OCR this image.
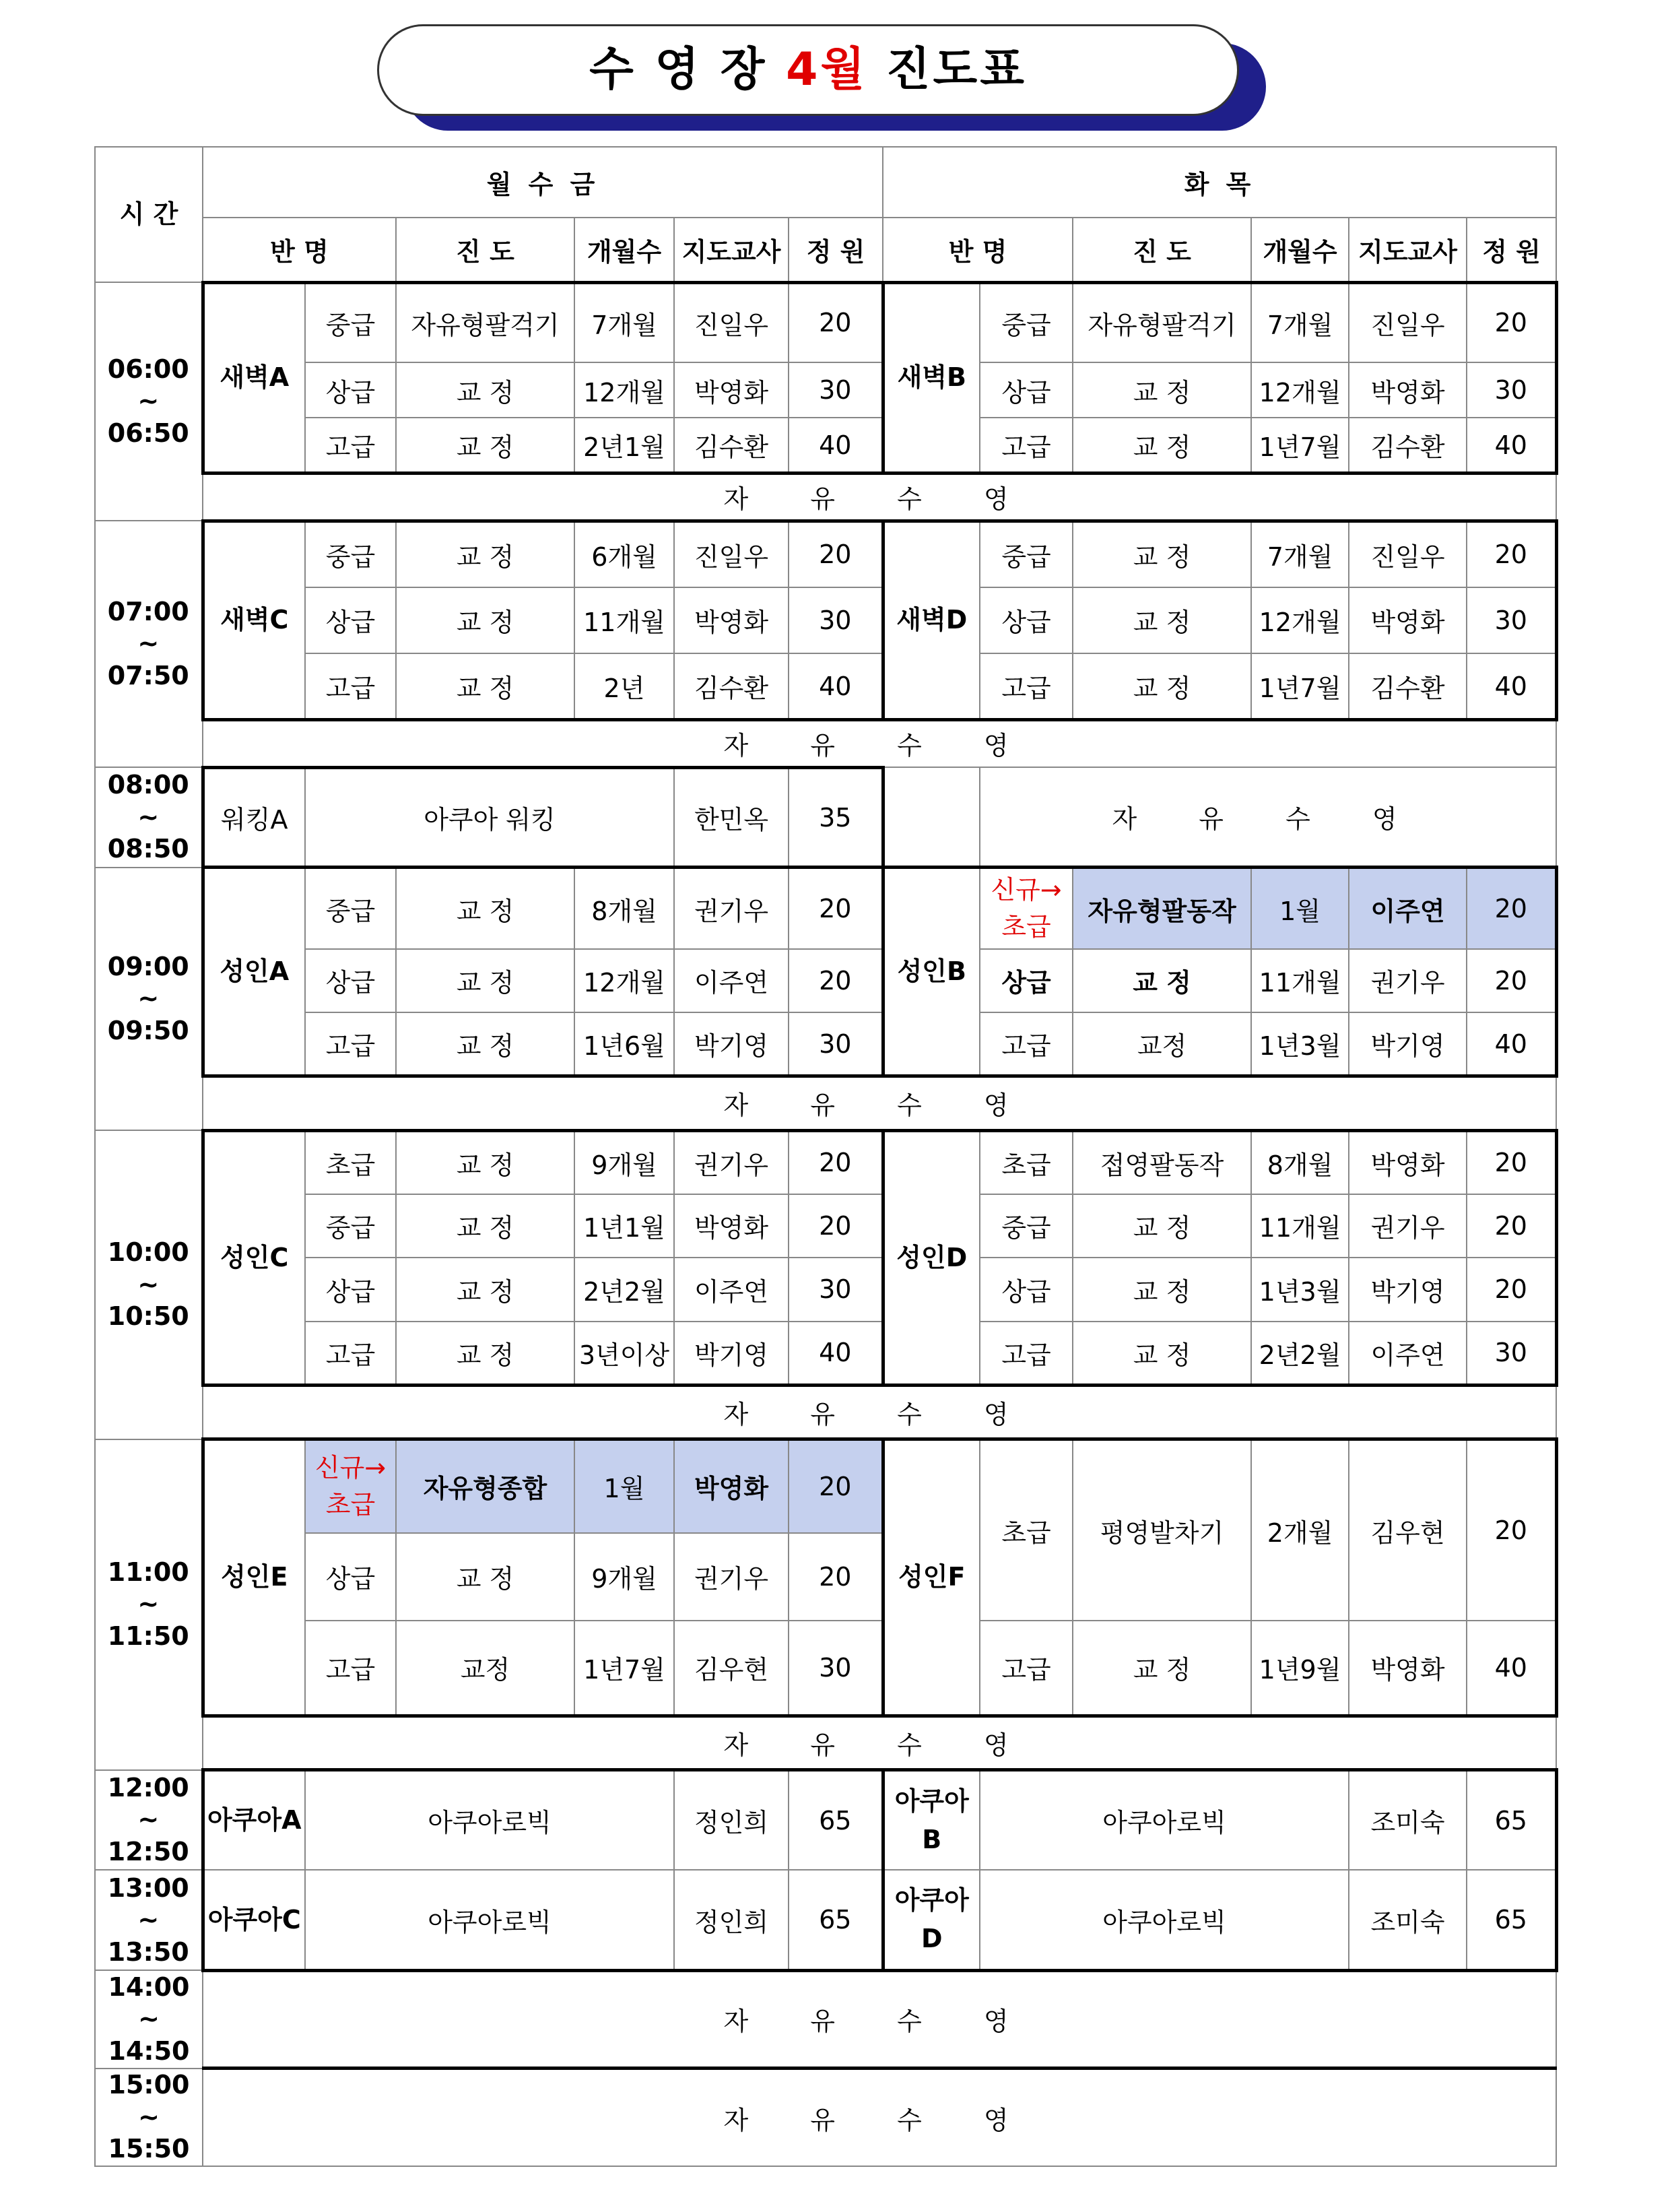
수 영 장 4월 진도표
시 간	월 수 금						화 목					
	반 명		진 도	개월수	지도교사	정 원	반 명		진 도	개월수	지도교사	정 원
06:00
~
06:50	새벽A	중급	자유형팔걱기	7개월	진일우	20	새벽B	중급	자유형팔걱기	7개월	진일우	20
		상급	교 정	12개월	박영화	30		상급	교 정	12개월	박영화	30
		고급	교 정	2년1월	김수환	40		고급	교 정	1년7월	김수환	40
	자 유 수 영											
07:00
~
07:50	새벽C	중급	교 정	6개월	진일우	20	새벽D	중급	교 정	7개월	진일우	20
		상급	교 정	11개월	박영화	30		상급	교 정	12개월	박영화	30
		고급	교 정	2년	김수환	40		고급	교 정	1년7월	김수환	40
	자 유 수 영											
08:00
~
08:50	워킹A	아쿠아 워킹			한민옥	35		자 유 수 영				
09:00
~
09:50	성인A	중급	교 정	8개월	권기우	20	성인B	신규→
초급	자유형팔동작	1월	이주연	20
		상급	교 정	12개월	이주연	20		상급	교 정	11개월	권기우	20
		고급	교 정	1년6월	박기영	30		고급	교정	1년3월	박기영	40
	자 유 수 영											
10:00
~
10:50	성인C	초급	교 정	9개월	권기우	20	성인D	초급	접영팔동작	8개월	박영화	20
		중급	교 정	1년1월	박영화	20		중급	교 정	11개월	권기우	20
		상급	교 정	2년2월	이주연	30		상급	교 정	1년3월	박기영	20
		고급	교 정	3년이상	박기영	40		고급	교 정	2년2월	이주연	30
	자 유 수 영											
11:00
~
11:50	성인E	신규→
초급	자유형종합	1월	박영화	20	성인F	초급	평영발차기	2개월	김우현	20
		상급	교 정	9개월	권기우	20						
		고급	교정	1년7월	김우현	30		고급	교 정	1년9월	박영화	40
	자 유 수 영											
12:00
~
12:50	아쿠아A	아쿠아로빅			정인희	65	아쿠아
B	아쿠아로빅			조미숙	65
13:00
~
13:50	아쿠아C	아쿠아로빅			정인희	65	아쿠아
D	아쿠아로빅			조미숙	65
14:00
~
14:50	자 유 수 영											
15:00
~
15:50	자 유 수 영											
